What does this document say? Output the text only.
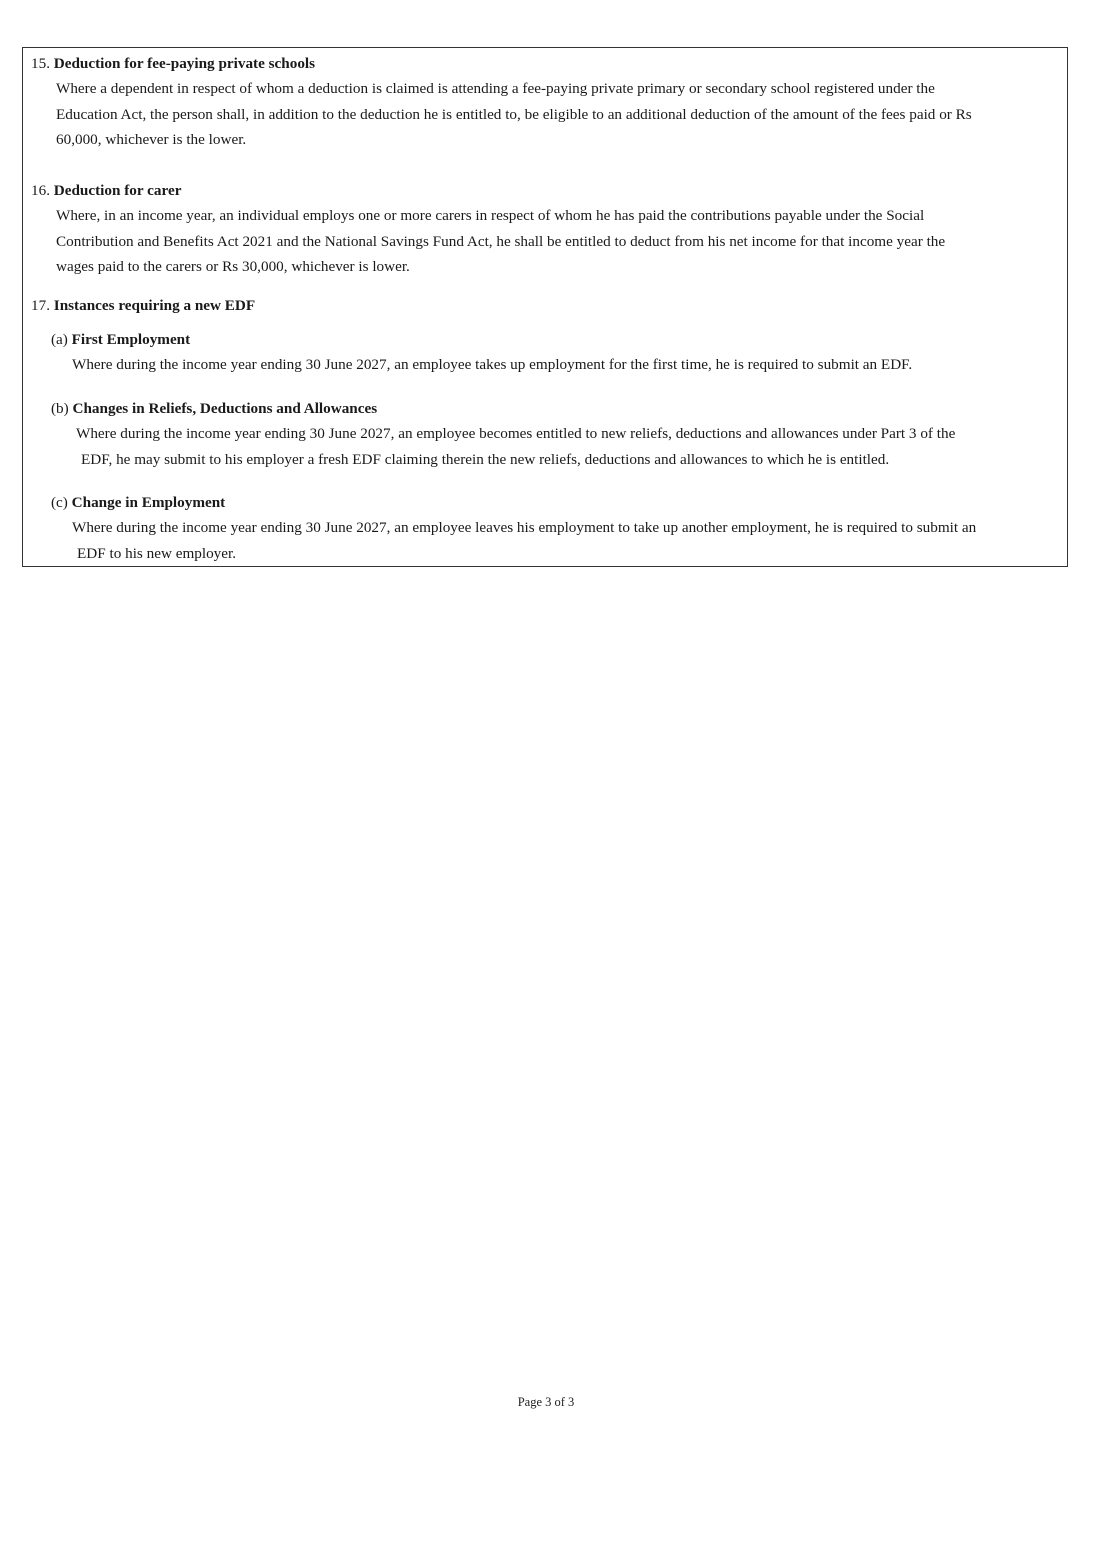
15. Deduction for fee-paying private schools
Where a dependent in respect of whom a deduction is claimed is attending a fee-paying private primary or secondary school registered under the
Education Act, the person shall, in addition to the deduction he is entitled to, be eligible to an additional deduction of the amount of the fees paid or Rs
60,000, whichever is the lower.
16. Deduction for carer
Where, in an income year, an individual employs one or more carers in respect of whom he has paid the contributions payable under the Social
Contribution and Benefits Act 2021 and the National Savings Fund Act, he shall be entitled to deduct from his net income for that income year the
wages paid to the carers or Rs 30,000, whichever is lower.
17. Instances requiring a new EDF
(a) First Employment
Where during the income year ending 30 June 2027, an employee takes up employment for the first time, he is required to submit an EDF.
(b) Changes in Reliefs, Deductions and Allowances
Where during the income year ending 30 June 2027, an employee becomes entitled to new reliefs, deductions and allowances under Part 3 of the
EDF, he may submit to his employer a fresh EDF claiming therein the new reliefs, deductions and allowances to which he is entitled.
(c) Change in Employment
Where during the income year ending 30 June 2027, an employee leaves his employment to take up another employment, he is required to submit an
EDF to his new employer.
Page 3 of 3
